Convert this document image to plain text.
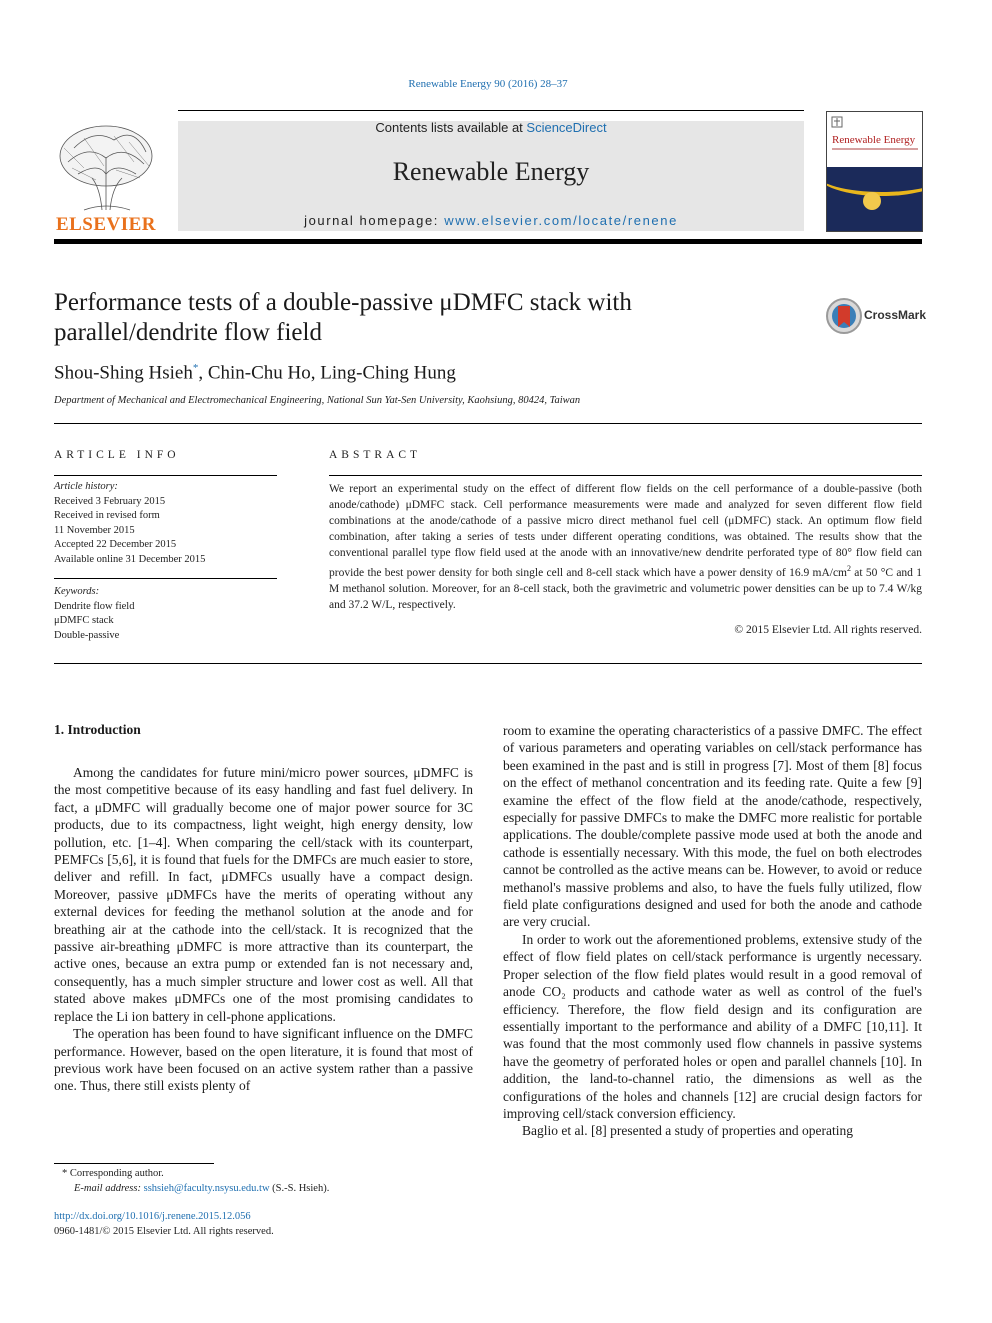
Renewable Energy 90 (2016) 28–37
ELSEVIER
Contents lists available at ScienceDirect
Renewable Energy
journal homepage: www.elsevier.com/locate/renene
Renewable Energy
Performance tests of a double-passive μDMFC stack with parallel/dendrite flow field
CrossMark
Shou-Shing Hsieh*, Chin-Chu Ho, Ling-Ching Hung
Department of Mechanical and Electromechanical Engineering, National Sun Yat-Sen University, Kaohsiung, 80424, Taiwan
ARTICLE INFO	ABSTRACT
Article history:
Received 3 February 2015
Received in revised form
11 November 2015
Accepted 22 December 2015
Available online 31 December 2015
Keywords:
Dendrite flow field
μDMFC stack
Double-passive
We report an experimental study on the effect of different flow fields on the cell performance of a double-passive (both anode/cathode) μDMFC stack. Cell performance measurements were made and analyzed for seven different flow field combinations at the anode/cathode of a passive micro direct methanol fuel cell (μDMFC) stack. An optimum flow field combination, after taking a series of tests under different operating conditions, was obtained. The results show that the conventional parallel type flow field used at the anode with an innovative/new dendrite perforated type of 80° flow field can provide the best power density for both single cell and 8-cell stack which have a power density of 16.9 $mA/cm^2$ at 50 °C and 1 M methanol solution. Moreover, for an 8-cell stack, both the gravimetric and volumetric power densities can be up to 7.4 W/kg and 37.2 W/L, respectively.
© 2015 Elsevier Ltd. All rights reserved.
1. Introduction

Among the candidates for future mini/micro power sources, μDMFC is the most competitive because of its easy handling and fast fuel delivery. In fact, a μDMFC will gradually become one of major power source for 3C products, due to its compactness, light weight, high energy density, low pollution, etc. [1–4]. When comparing the cell/stack with its counterpart, PEMFCs [5,6], it is found that fuels for the DMFCs are much easier to store, deliver and refill. In fact, μDMFCs usually have a compact design. Moreover, passive μDMFCs have the merits of operating without any external devices for feeding the methanol solution at the anode and for breathing air at the cathode into the cell/stack. It is recognized that the passive air-breathing μDMFC is more attractive than its counterpart, the active ones, because an extra pump or extended fan is not necessary and, consequently, has a much simpler structure and lower cost as well. All that stated above makes μDMFCs one of the most promising candidates to replace the Li ion battery in cell-phone applications.

The operation has been found to have significant influence on the DMFC performance. However, based on the open literature, it is found that most of previous work have been focused on an active system rather than a passive one. Thus, there still exists plenty of

room to examine the operating characteristics of a passive DMFC. The effect of various parameters and operating variables on cell/stack performance has been examined in the past and is still in progress [7]. Most of them [8] focus on the effect of methanol concentration and its feeding rate. Quite a few [9] examine the effect of the flow field at the anode/cathode, respectively, especially for passive DMFCs to make the DMFC more realistic for portable applications. The double/complete passive mode used at both the anode and cathode is essentially necessary. With this mode, the fuel on both electrodes cannot be controlled as the active means can be. However, to avoid or reduce methanol's massive problems and also, to have the fuels fully utilized, flow field plate configurations designed and used for both the anode and cathode are very crucial.

In order to work out the aforementioned problems, extensive study of the effect of flow field plates on cell/stack performance is urgently necessary. Proper selection of the flow field plates would result in a good removal of anode CO₂ products and cathode water as well as control of the fuel's efficiency. Therefore, the flow field design and its configuration are essentially important to the performance and ability of a DMFC [10,11]. It was found that the most commonly used flow channels in passive systems have the geometry of perforated holes or open and parallel channels [10]. In addition, the land-to-channel ratio, the dimensions as well as the configurations of the holes and channels [12] are crucial design factors for improving cell/stack conversion efficiency.

Baglio et al. [8] presented a study of properties and operating

* Corresponding author.
E-mail address: sshsieh@faculty.nsysu.edu.tw (S.-S. Hsieh).
http://dx.doi.org/10.1016/j.renene.2015.12.056
0960-1481/© 2015 Elsevier Ltd. All rights reserved.
